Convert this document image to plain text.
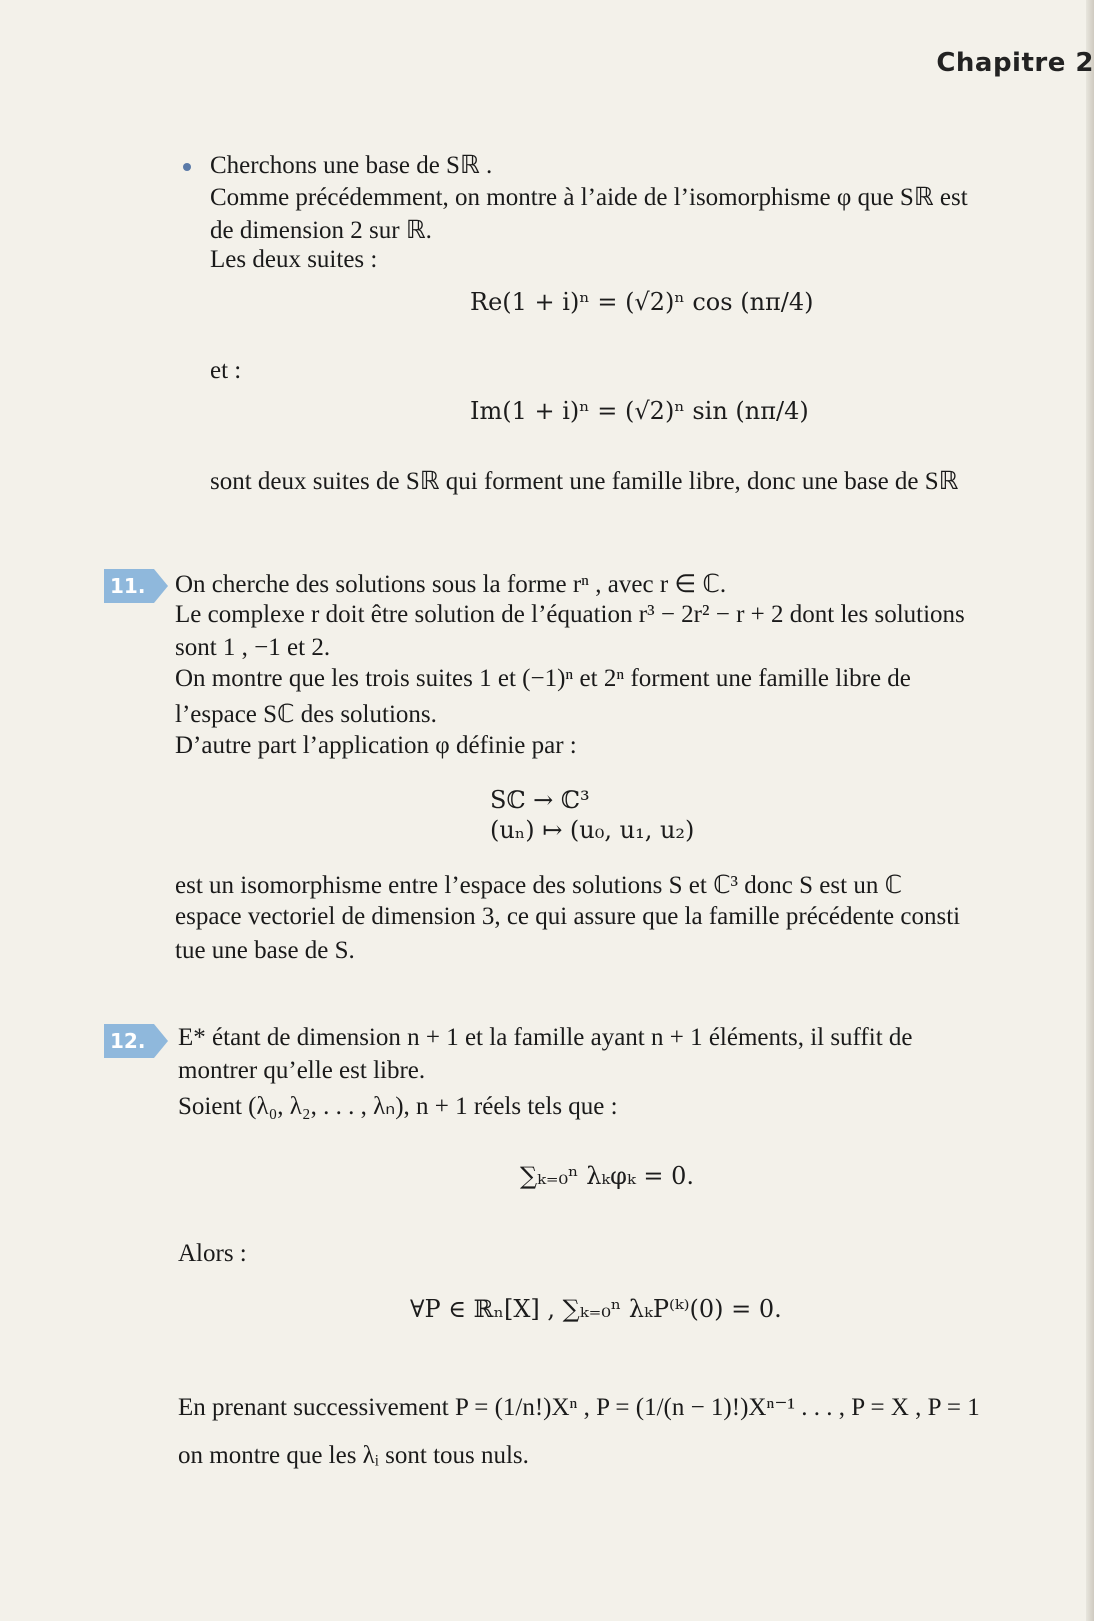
Chapitre 2
Cherchons une base de Sℝ .
Comme précédemment, on montre à l’aide de l’isomorphisme φ que Sℝ est
de dimension 2 sur ℝ.
Les deux suites :
Re(1 + i)ⁿ = (√2)ⁿ cos (nπ/4)
et :
Im(1 + i)ⁿ = (√2)ⁿ sin (nπ/4)
sont deux suites de Sℝ qui forment une famille libre, donc une base de Sℝ
11. On cherche des solutions sous la forme rⁿ , avec r ∈ ℂ.
Le complexe r doit être solution de l’équation r³ − 2r² − r + 2 dont les solutions
sont 1 , −1 et 2.
On montre que les trois suites 1 et (−1)ⁿ et 2ⁿ forment une famille libre de
l’espace Sℂ des solutions.
D’autre part l’application φ définie par :
Sℂ → ℂ³
(uₙ) ↦ (u₀, u₁, u₂)
est un isomorphisme entre l’espace des solutions S et ℂ³ donc S est un ℂ
espace vectoriel de dimension 3, ce qui assure que la famille précédente consti
tue une base de S.
12. E* étant de dimension n + 1 et la famille ayant n + 1 éléments, il suffit de
montrer qu’elle est libre.
Soient (λ₀, λ₂, . . . , λₙ), n + 1 réels tels que :
∑ₖ₌₀ⁿ λₖφₖ = 0.
Alors :
∀P ∈ ℝₙ[X] , ∑ₖ₌₀ⁿ λₖP⁽ᵏ⁾(0) = 0.
En prenant successivement P = (1/n!)Xⁿ , P = (1/(n − 1)!)Xⁿ⁻¹ . . . , P = X , P = 1
on montre que les λᵢ sont tous nuls.
